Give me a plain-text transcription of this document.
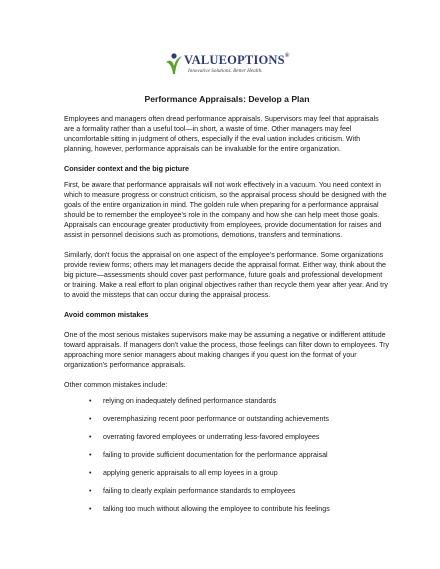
VALUEOPTIONS®
Innovative Solutions. Better Health.
Performance Appraisals: Develop a Plan

Employees and managers often dread performance appraisals. Supervisors may feel that appraisals are a formality rather than a useful tool—in short, a waste of time. Other managers may feel uncomfortable sitting in judgment of others, especially if the eval uation includes criticism. With planning, however, performance appraisals can be invaluable for the entire organization.

Consider context and the big picture

First, be aware that performance appraisals will not work effectively in a vacuum. You need context in which to measure progress or construct criticism, so the appraisal process should be designed with the goals of the entire organization in mind. The golden rule when preparing for a performance appraisal should be to remember the employee's role in the company and how she can help meet those goals. Appraisals can encourage greater productivity from employees, provide documentation for raises and assist in personnel decisions such as promotions, demotions, transfers and terminations.

Similarly, don't focus the appraisal on one aspect of the employee's performance. Some organizations provide review forms; others may let managers decide the appraisal format. Either way, think about the big picture—assessments should cover past performance, future goals and professional development or training. Make a real effort to plan original objectives rather than recycle them year after year. And try to avoid the missteps that can occur during the appraisal process.

Avoid common mistakes

One of the most serious mistakes supervisors make may be assuming a negative or indifferent attitude toward appraisals. If managers don't value the process, those feelings can filter down to employees. Try approaching more senior managers about making changes if you quest ion the format of your organization's performance appraisals.

Other common mistakes include:

• relying on inadequately defined performance standards
• overemphasizing recent poor performance or outstanding achievements
• overrating favored employees or underrating less-favored employees
• failing to provide sufficient documentation for the performance appraisal
• applying generic appraisals to all emp loyees in a group
• failing to clearly explain performance standards to employees
• talking too much without allowing the employee to contribute his feelings
